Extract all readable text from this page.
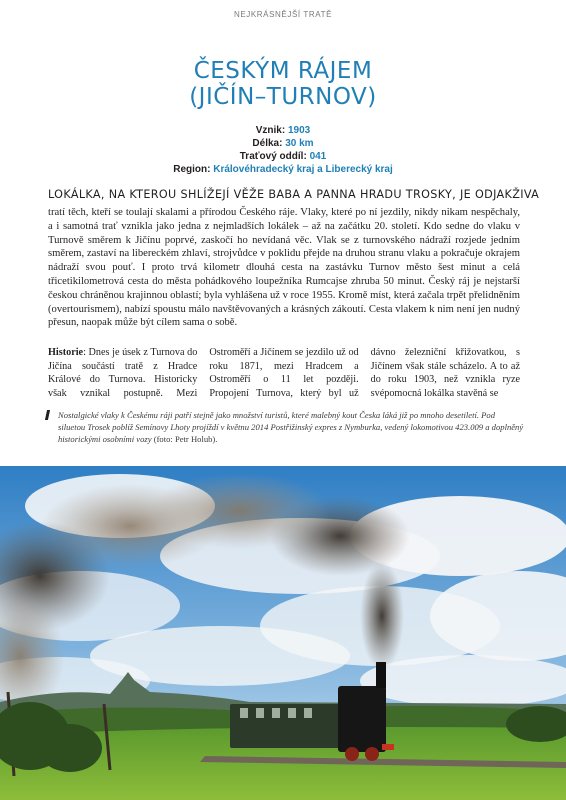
NEJKRÁSNĚJŠÍ TRATĚ
ČESKÝM RÁJEM
(JIČÍN–TURNOV)
Vznik: 1903
Délka: 30 km
Traťový oddíl: 041
Region: Královéhradecký kraj a Liberecký kraj
LOKÁLKA, NA KTEROU SHLÍŽEJÍ VĚŽE BABA A PANNA HRADU TROSKY, JE ODJAKŽIVA

tratí těch, kteří se toulají skalami a přírodou Českého ráje. Vlaky, které po ní jezdily, nikdy nikam nespěchaly, a i samotná trať vznikla jako jedna z nejmladších lokálek – až na začátku 20. století. Kdo sedne do vlaku v Turnově směrem k Jičínu poprvé, zaskočí ho nevídaná věc. Vlak se z turnovského nádraží rozjede jedním směrem, zastaví na libereckém zhlaví, strojvůdce v poklidu přejde na druhou stranu vlaku a pokračuje okrajem nádraží svou pouť. I proto trvá kilometr dlouhá cesta na zastávku Turnov město šest minut a celá třicetikilometrová cesta do města pohádkového loupežníka Rumcajse zhruba 50 minut. Český ráj je nejstarší českou chráněnou krajinnou oblastí; byla vyhlášena už v roce 1955. Kromě míst, která začala trpět přelidněním (overtourismem), nabízí spoustu málo navštěvovaných a krásných zákoutí. Cesta vlakem k nim není jen nudný přesun, naopak může být cílem sama o sobě.

Historie: Dnes je úsek z Turnova do Jičína součástí tratě z Hradce Králové do Turnova. Historicky však vznikal postupně. Mezi Ostroměří a Jičínem se jezdilo už od roku 1871, mezi Hradcem a Ostroměří o 11 let později. Propojení Turnova, který byl už dávno železniční křižovatkou, s Jičínem však stále scházelo. A to až do roku 1903, než vznikla ryze svépomocná lokálka stavěná se

Nostalgické vlaky k Českému ráji patří stejně jako množství turistů, které malebný kout Česka láká již po mnoho desetiletí. Pod siluetou Trosek poblíž Semínovy Lhoty projíždí v květnu 2014 Postřižinský expres z Nymburka, vedený lokomotivou 423.009 a doplněný historickými osobními vozy (foto: Petr Holub).
